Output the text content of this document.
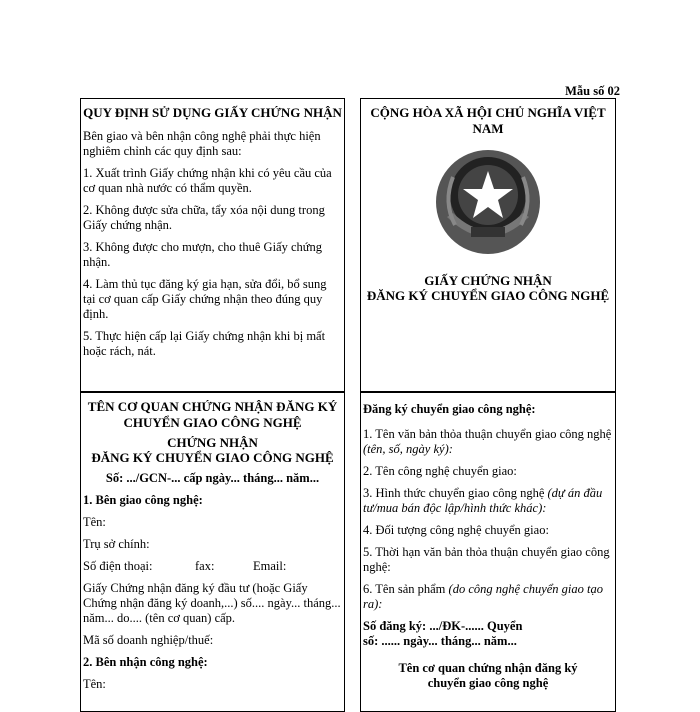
Mẫu số 02
QUY ĐỊNH SỬ DỤNG GIẤY CHỨNG NHẬN
Bên giao và bên nhận công nghệ phải thực hiện nghiêm chỉnh các quy định sau:
1. Xuất trình Giấy chứng nhận khi có yêu cầu của cơ quan nhà nước có thẩm quyền.
2. Không được sửa chữa, tẩy xóa nội dung trong Giấy chứng nhận.
3. Không được cho mượn, cho thuê Giấy chứng nhận.
4. Làm thủ tục đăng ký gia hạn, sửa đổi, bổ sung tại cơ quan cấp Giấy chứng nhận theo đúng quy định.
5. Thực hiện cấp lại Giấy chứng nhận khi bị mất hoặc rách, nát.
CỘNG HÒA XÃ HỘI CHỦ NGHĨA VIỆT NAM
GIẤY CHỨNG NHẬN
ĐĂNG KÝ CHUYỂN GIAO CÔNG NGHỆ
TÊN CƠ QUAN CHỨNG NHẬN ĐĂNG KÝ CHUYỂN GIAO CÔNG NGHỆ
CHỨNG NHẬN
ĐĂNG KÝ CHUYỂN GIAO CÔNG NGHỆ
Số: .../GCN-... cấp ngày... tháng... năm...
1. Bên giao công nghệ:
Tên:
Trụ sở chính:
Số điện thoại:	fax:	Email:
Giấy Chứng nhận đăng ký đầu tư (hoặc Giấy Chứng nhận đăng ký doanh,...) số.... ngày... tháng... năm... do.... (tên cơ quan) cấp.
Mã số doanh nghiệp/thuế:
2. Bên nhận công nghệ:
Tên:
Đăng ký chuyển giao công nghệ:
1. Tên văn bản thỏa thuận chuyển giao công nghệ (tên, số, ngày ký):
2. Tên công nghệ chuyển giao:
3. Hình thức chuyển giao công nghệ (dự án đầu tư/mua bán độc lập/hình thức khác):
4. Đối tượng công nghệ chuyển giao:
5. Thời hạn văn bản thỏa thuận chuyển giao công nghệ:
6. Tên sản phẩm (do công nghệ chuyển giao tạo ra):
Số đăng ký: .../ĐK-...... Quyển
số: ...... ngày... tháng... năm...
Tên cơ quan chứng nhận đăng ký
chuyển giao công nghệ
